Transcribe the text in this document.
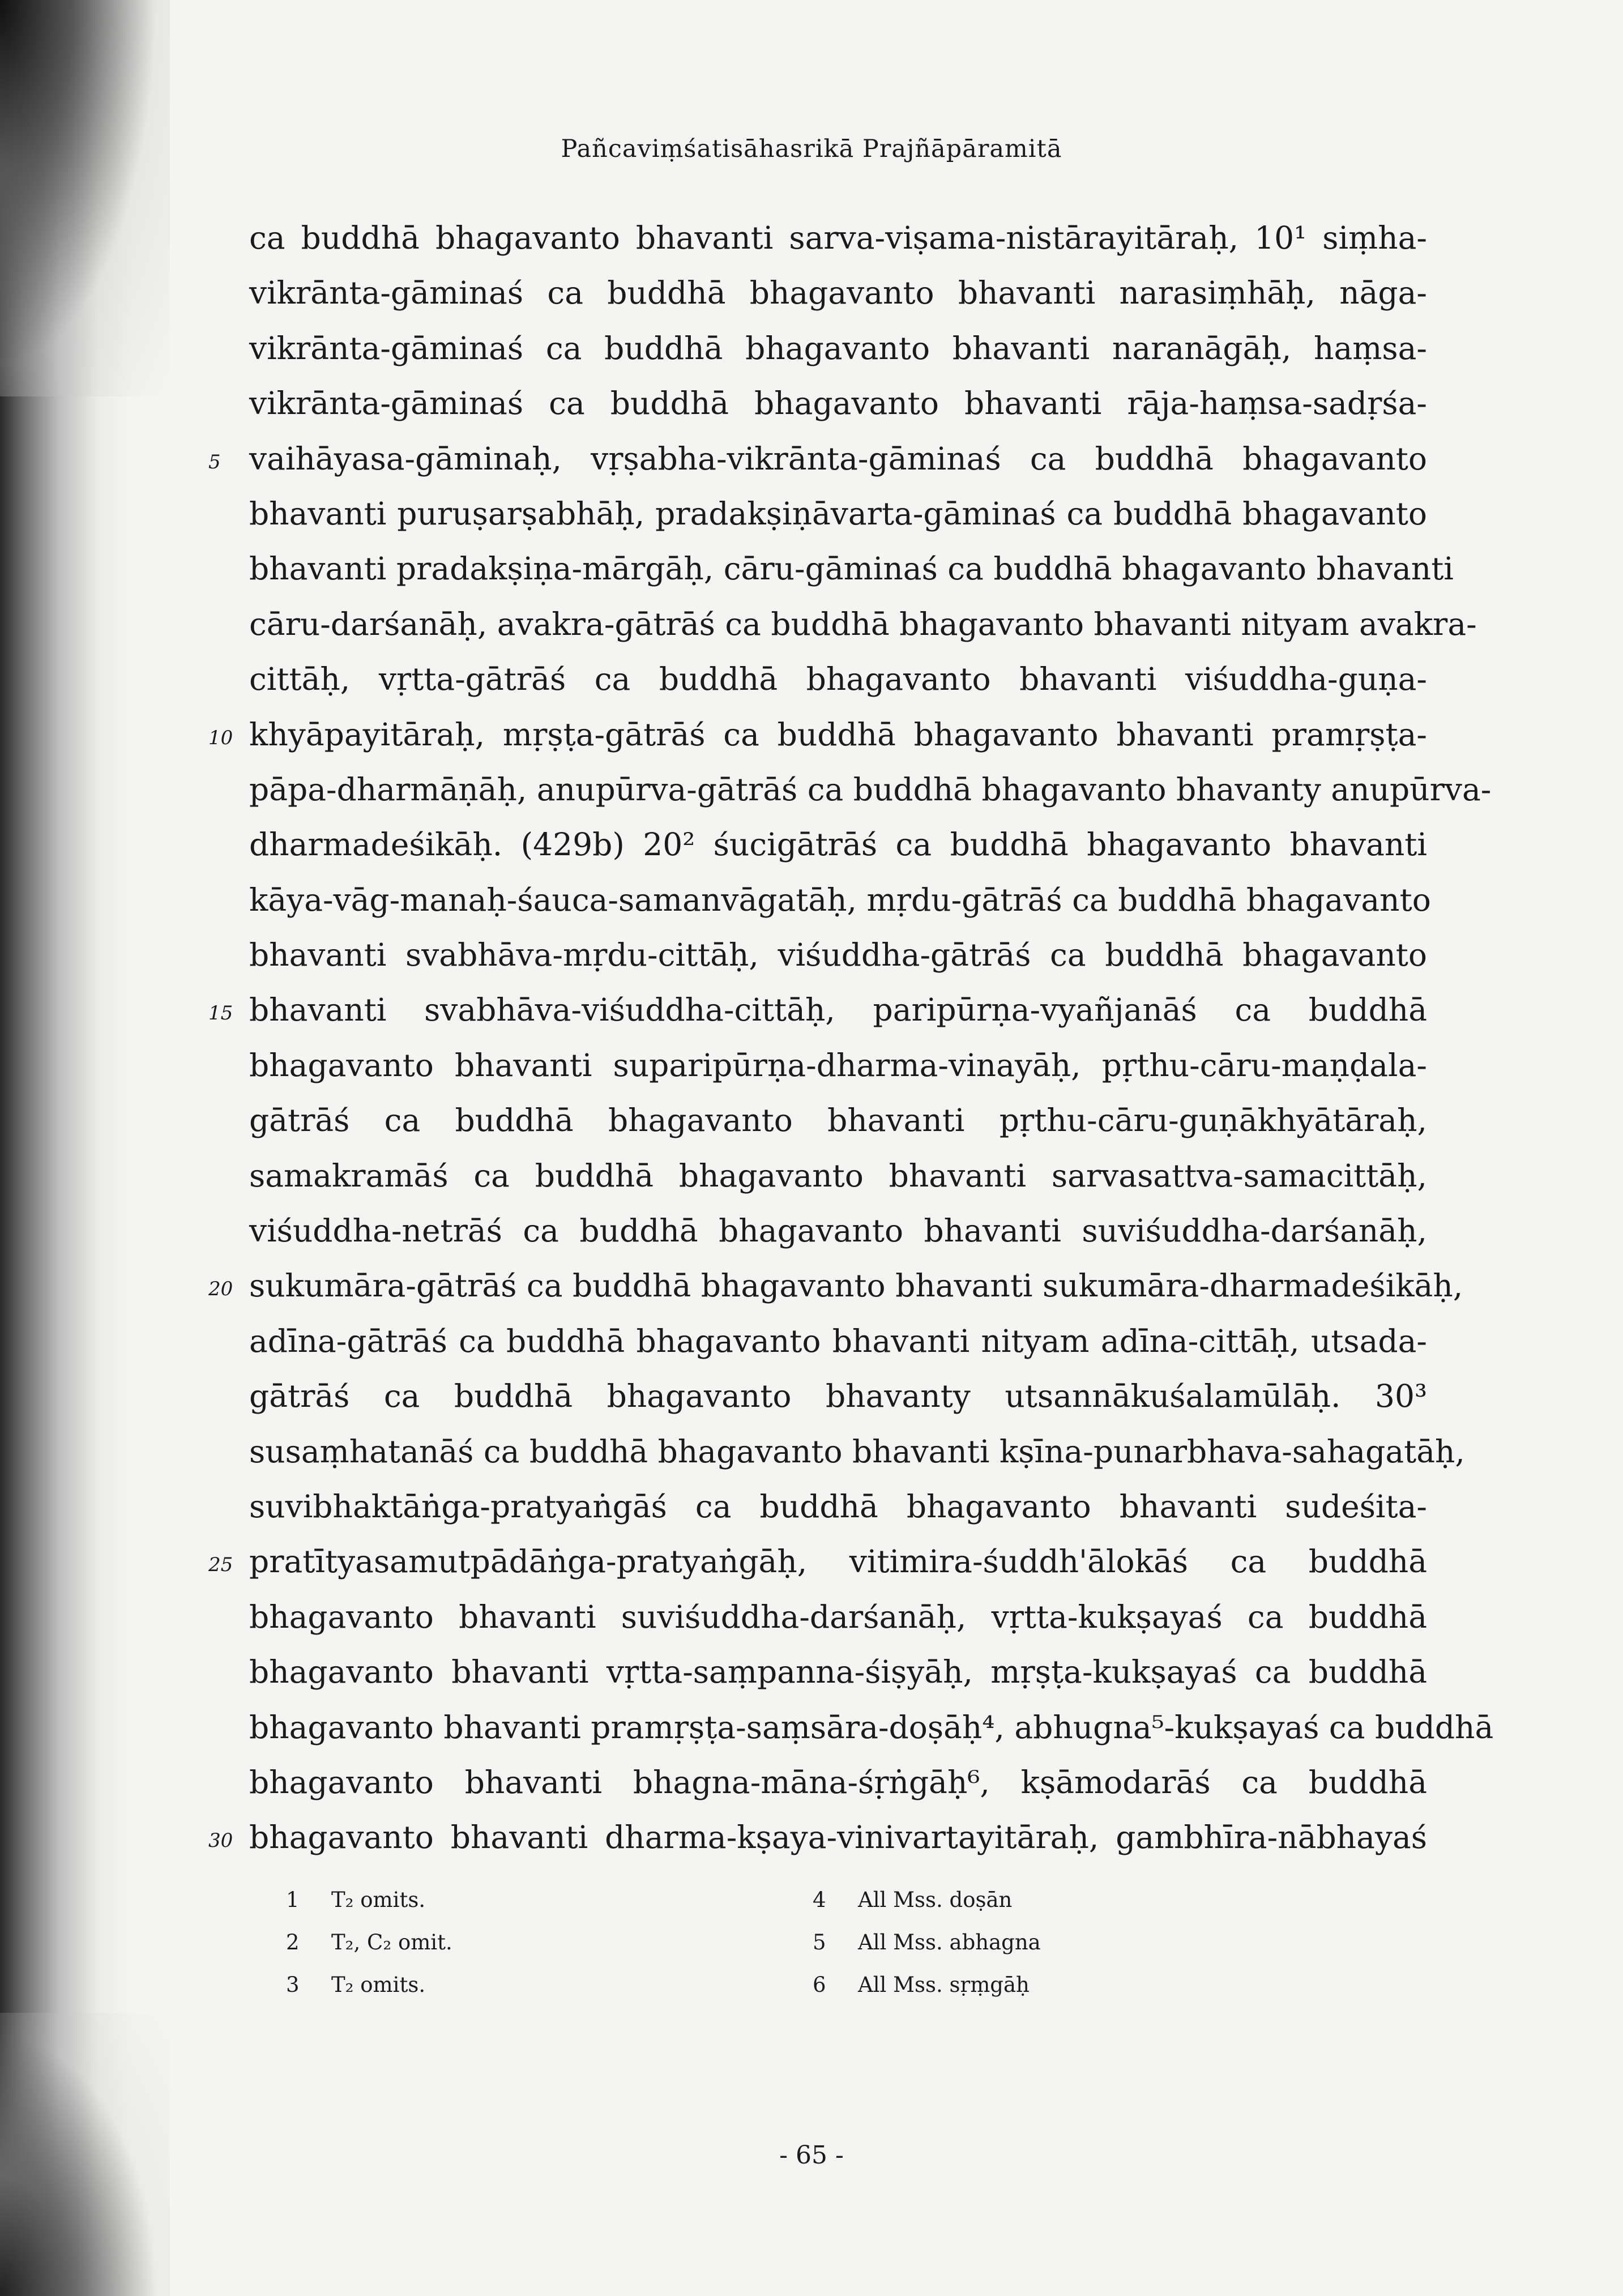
Pañcaviṃśatisāhasrikā Prajñāpāramitā
ca buddhā bhagavanto bhavanti sarva-viṣama-nistārayitāraḥ, 10¹ siṃha-
vikrānta-gāminaś ca buddhā bhagavanto bhavanti narasiṃhāḥ, nāga-
vikrānta-gāminaś ca buddhā bhagavanto bhavanti naranāgāḥ, haṃsa-
vikrānta-gāminaś ca buddhā bhagavanto bhavanti rāja-haṃsa-sadṛśa-
5 vaihāyasa-gāminaḥ, vṛṣabha-vikrānta-gāminaś ca buddhā bhagavanto
bhavanti puruṣarṣabhāḥ, pradakṣiṇāvarta-gāminaś ca buddhā bhagavanto
bhavanti pradakṣiṇa-mārgāḥ, cāru-gāminaś ca buddhā bhagavanto bhavanti
cāru-darśanāḥ, avakra-gātrāś ca buddhā bhagavanto bhavanti nityam avakra-
cittāḥ, vṛtta-gātrāś ca buddhā bhagavanto bhavanti viśuddha-guṇa-
10 khyāpayitāraḥ, mṛṣṭa-gātrāś ca buddhā bhagavanto bhavanti pramṛṣṭa-
pāpa-dharmāṇāḥ, anupūrva-gātrāś ca buddhā bhagavanto bhavanty anupūrva-
dharmadeśikāḥ. (429b) 20² śucigātrāś ca buddhā bhagavanto bhavanti
kāya-vāg-manaḥ-śauca-samanvāgatāḥ, mṛdu-gātrāś ca buddhā bhagavanto
bhavanti svabhāva-mṛdu-cittāḥ, viśuddha-gātrāś ca buddhā bhagavanto
15 bhavanti svabhāva-viśuddha-cittāḥ, paripūrṇa-vyañjanāś ca buddhā
bhagavanto bhavanti suparipūrṇa-dharma-vinayāḥ, pṛthu-cāru-maṇḍala-
gātrāś ca buddhā bhagavanto bhavanti pṛthu-cāru-guṇākhyātāraḥ,
samakramāś ca buddhā bhagavanto bhavanti sarvasattva-samacittāḥ,
viśuddha-netrāś ca buddhā bhagavanto bhavanti suviśuddha-darśanāḥ,
20 sukumāra-gātrāś ca buddhā bhagavanto bhavanti sukumāra-dharmadeśikāḥ,
adīna-gātrāś ca buddhā bhagavanto bhavanti nityam adīna-cittāḥ, utsada-
gātrāś ca buddhā bhagavanto bhavanty utsannākuśalamūlāḥ. 30³
susaṃhatanāś ca buddhā bhagavanto bhavanti kṣīna-punarbhava-sahagatāḥ,
suvibhaktāṅga-pratyaṅgāś ca buddhā bhagavanto bhavanti sudeśita-
25 pratītyasamutpādāṅga-pratyaṅgāḥ, vitimira-śuddh'ālokāś ca buddhā
bhagavanto bhavanti suviśuddha-darśanāḥ, vṛtta-kukṣayaś ca buddhā
bhagavanto bhavanti vṛtta-saṃpanna-śiṣyāḥ, mṛṣṭa-kukṣayaś ca buddhā
bhagavanto bhavanti pramṛṣṭa-saṃsāra-doṣāḥ⁴, abhugna⁵-kukṣayaś ca buddhā
bhagavanto bhavanti bhagna-māna-śṛṅgāḥ⁶, kṣāmodarāś ca buddhā
30 bhagavanto bhavanti dharma-kṣaya-vinivartayitāraḥ, gambhīra-nābhayaś
1 T₂ omits.
2 T₂, C₂ omit.
3 T₂ omits.
4 All Mss. doṣān
5 All Mss. abhagna
6 All Mss. sṛṃgāḥ
- 65 -
